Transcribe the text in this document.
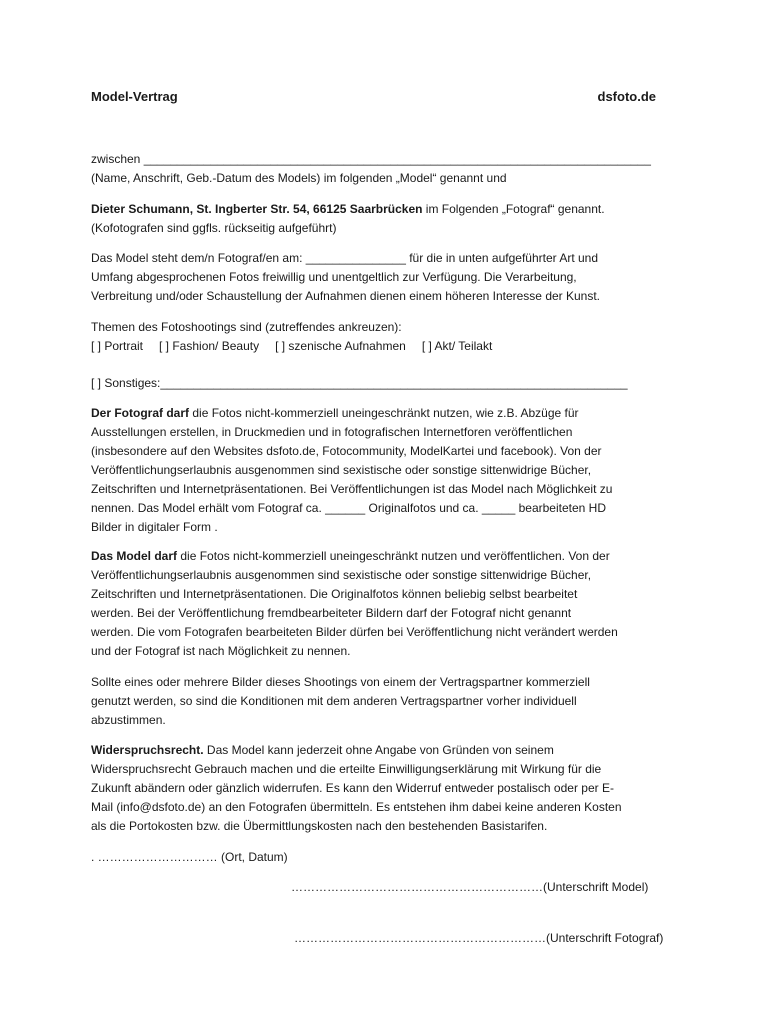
Model-Vertrag	dsfoto.de

zwischen ____________________________________________________________________________

(Name, Anschrift, Geb.-Datum des Models) im folgenden „Model“ genannt und

Dieter Schumann, St. Ingberter Str. 54, 66125 Saarbrücken im Folgenden „Fotograf“ genannt.

(Kofotografen sind ggfls. rückseitig aufgeführt)

Das Model steht dem/n Fotograf/en am: _______________ für die in unten aufgeführter Art und

Umfang abgesprochenen Fotos freiwillig und unentgeltlich zur Verfügung. Die Verarbeitung,

Verbreitung und/oder Schaustellung der Aufnahmen dienen einem höheren Interesse der Kunst.

Themen des Fotoshootings sind (zutreffendes ankreuzen):

[ ] Portrait [ ] Fashion/ Beauty [ ] szenische Aufnahmen [ ] Akt/ Teilakt

[ ] Sonstiges:______________________________________________________________________

Der Fotograf darf die Fotos nicht-kommerziell uneingeschränkt nutzen, wie z.B. Abzüge für

Ausstellungen erstellen, in Druckmedien und in fotografischen Internetforen veröffentlichen

(insbesondere auf den Websites dsfoto.de, Fotocommunity, ModelKartei und facebook). Von der

Veröffentlichungserlaubnis ausgenommen sind sexistische oder sonstige sittenwidrige Bücher,

Zeitschriften und Internetpräsentationen. Bei Veröffentlichungen ist das Model nach Möglichkeit zu

nennen. Das Model erhält vom Fotograf ca. ______ Originalfotos und ca. _____ bearbeiteten HD

Bilder in digitaler Form .

Das Model darf die Fotos nicht-kommerziell uneingeschränkt nutzen und veröffentlichen. Von der

Veröffentlichungserlaubnis ausgenommen sind sexistische oder sonstige sittenwidrige Bücher,

Zeitschriften und Internetpräsentationen. Die Originalfotos können beliebig selbst bearbeitet

werden. Bei der Veröffentlichung fremdbearbeiteter Bildern darf der Fotograf nicht genannt

werden. Die vom Fotografen bearbeiteten Bilder dürfen bei Veröffentlichung nicht verändert werden

und der Fotograf ist nach Möglichkeit zu nennen.

Sollte eines oder mehrere Bilder dieses Shootings von einem der Vertragspartner kommerziell

genutzt werden, so sind die Konditionen mit dem anderen Vertragspartner vorher individuell

abzustimmen.

Widerspruchsrecht. Das Model kann jederzeit ohne Angabe von Gründen von seinem

Widerspruchsrecht Gebrauch machen und die erteilte Einwilligungserklärung mit Wirkung für die

Zukunft abändern oder gänzlich widerrufen. Es kann den Widerruf entweder postalisch oder per E-

Mail (info@dsfoto.de) an den Fotografen übermitteln. Es entstehen ihm dabei keine anderen Kosten

als die Portokosten bzw. die Übermittlungskosten nach den bestehenden Basistarifen.

. ………………………… (Ort, Datum)
………………………………………………………(Unterschrift Model)
………………………………………………………(Unterschrift Fotograf)
